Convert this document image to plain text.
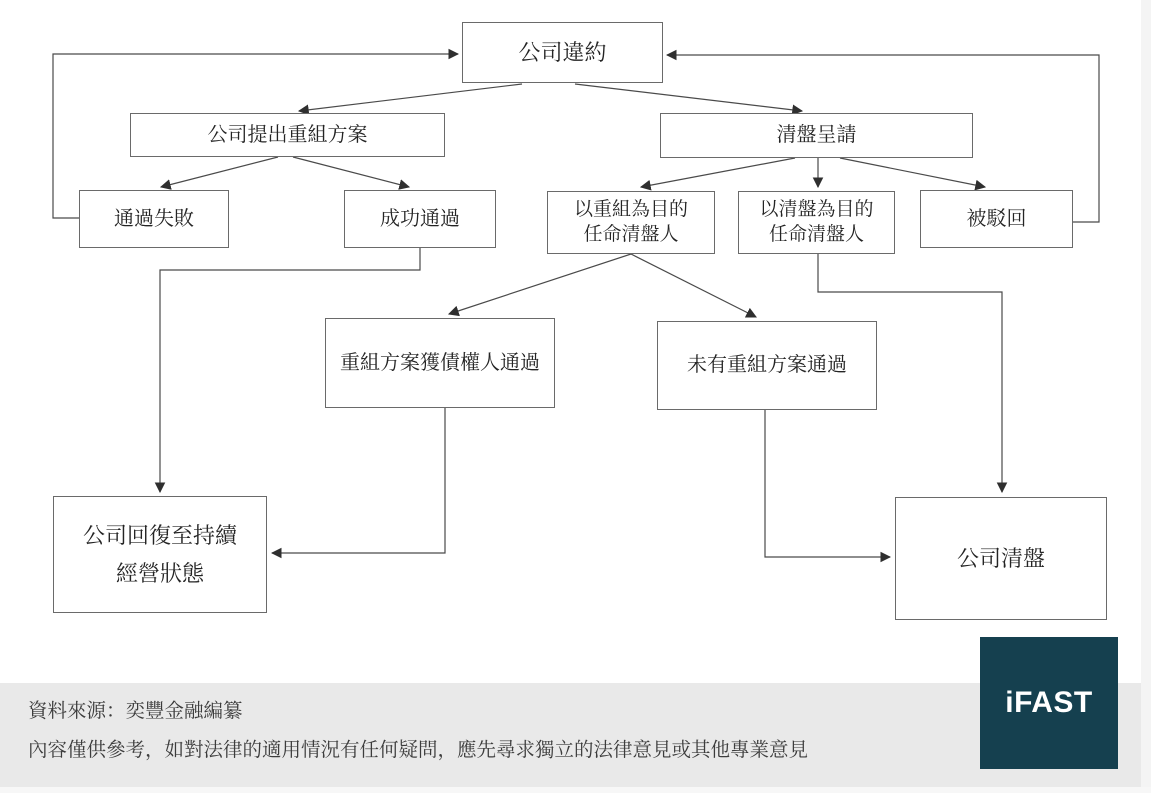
公司違約
公司提出重組方案	清盤呈請
通過失敗	成功通過	以重組為目的
任命清盤人
以清盤為目的
任命清盤人
被駁回
重組方案獲債權人通過	未有重組方案通過
公司回復至持續
經營狀態
公司清盤
資料來源：奕豐金融編纂
內容僅供參考，如對法律的適用情況有任何疑問，應先尋求獨立的法律意見或其他專業意見
iFAST
